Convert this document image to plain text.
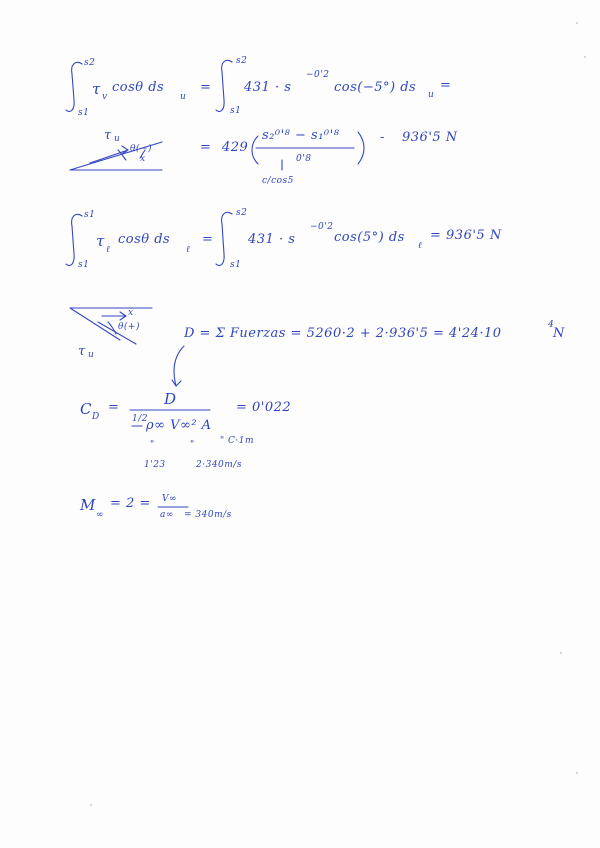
s2
s1
τ v
cosθ ds
u
=
s2
s1
431 · s
−0'2
cos(−5°) ds u
=
τ u
θ(−)
x
= 429
s₂⁰'⁸ − s₁⁰'⁸
0'8
c/cos5
- 936'5 N
s1
s1
τ ℓ
cosθ ds
ℓ
=
s2
s1
431 · s
−0'2
cos(5°) ds
ℓ
= 936'5 N
x
θ(+)
τ u
D = Σ Fuerzas = 5260·2 + 2·936'5 = 4'24·10
4
N
C D
=	D
1/2
ρ∞ V∞² A
= 0'022
"	"	" C·1m
1'23	2·340m/s
M
∞
= 2 = V∞
a∞ = 340m/s
